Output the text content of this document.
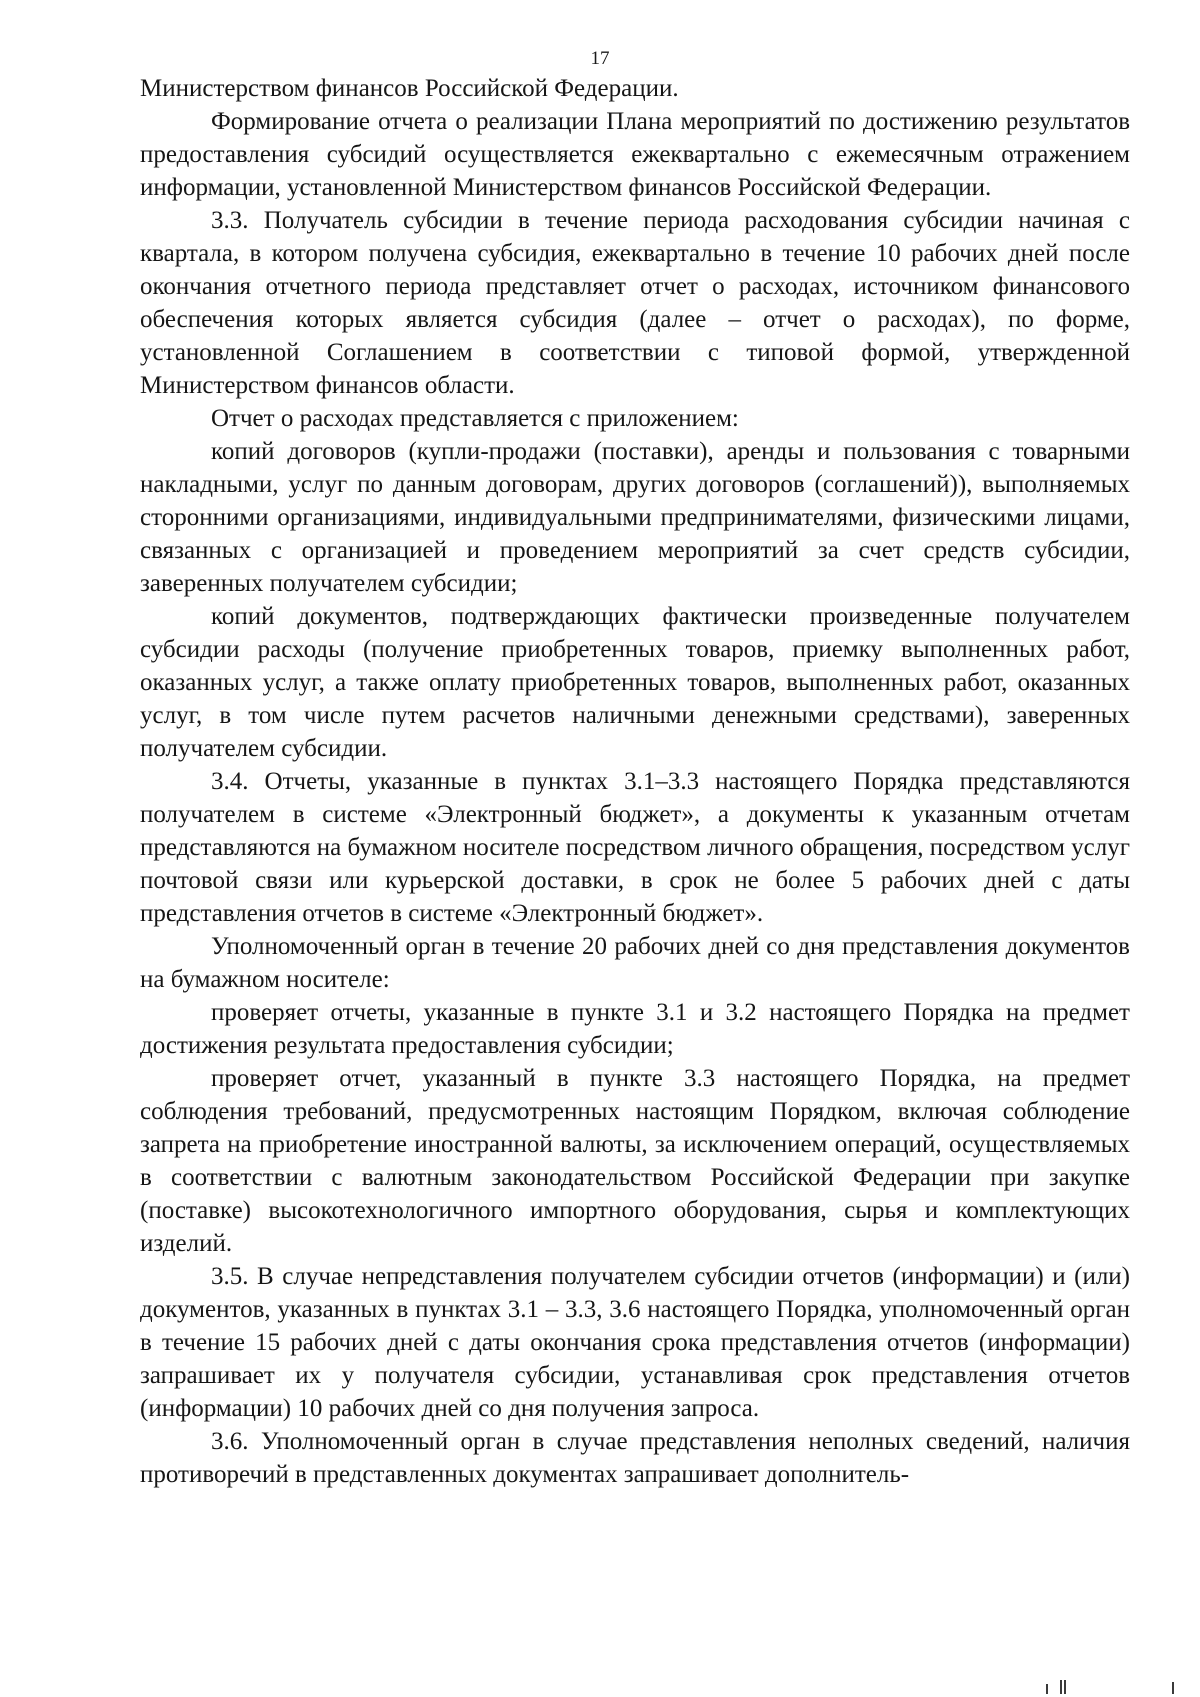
17

Министерством финансов Российской Федерации.

Формирование отчета о реализации Плана мероприятий по достижению результатов предоставления субсидий осуществляется ежеквартально с ежемесячным отражением информации, установленной Министерством финансов Российской Федерации.

3.3. Получатель субсидии в течение периода расходования субсидии начиная с квартала, в котором получена субсидия, ежеквартально в течение 10 рабочих дней после окончания отчетного периода представляет отчет о расходах, источником финансового обеспечения которых является субсидия (далее – отчет о расходах), по форме, установленной Соглашением в соответствии с типовой формой, утвержденной Министерством финансов области.

Отчет о расходах представляется с приложением:

копий договоров (купли-продажи (поставки), аренды и пользования с товарными накладными, услуг по данным договорам, других договоров (соглашений)), выполняемых сторонними организациями, индивидуальными предпринимателями, физическими лицами, связанных с организацией и проведением мероприятий за счет средств субсидии, заверенных получателем субсидии;

копий документов, подтверждающих фактически произведенные получателем субсидии расходы (получение приобретенных товаров, приемку выполненных работ, оказанных услуг, а также оплату приобретенных товаров, выполненных работ, оказанных услуг, в том числе путем расчетов наличными денежными средствами), заверенных получателем субсидии.

3.4. Отчеты, указанные в пунктах 3.1–3.3 настоящего Порядка представляются получателем в системе «Электронный бюджет», а документы к указанным отчетам представляются на бумажном носителе посредством личного обращения, посредством услуг почтовой связи или курьерской доставки, в срок не более 5 рабочих дней с даты представления отчетов в системе «Электронный бюджет».

Уполномоченный орган в течение 20 рабочих дней со дня представления документов на бумажном носителе:

проверяет отчеты, указанные в пункте 3.1 и 3.2 настоящего Порядка на предмет достижения результата предоставления субсидии;

проверяет отчет, указанный в пункте 3.3 настоящего Порядка, на предмет соблюдения требований, предусмотренных настоящим Порядком, включая соблюдение запрета на приобретение иностранной валюты, за исключением операций, осуществляемых в соответствии с валютным законодательством Российской Федерации при закупке (поставке) высокотехнологичного импортного оборудования, сырья и комплектующих изделий.

3.5. В случае непредставления получателем субсидии отчетов (информации) и (или) документов, указанных в пунктах 3.1 – 3.3, 3.6 настоящего Порядка, уполномоченный орган в течение 15 рабочих дней с даты окончания срока представления отчетов (информации) запрашивает их у получателя субсидии, устанавливая срок представления отчетов (информации) 10 рабочих дней со дня получения запроса.

3.6. Уполномоченный орган в случае представления неполных сведений, наличия противоречий в представленных документах запрашивает дополнитель-
